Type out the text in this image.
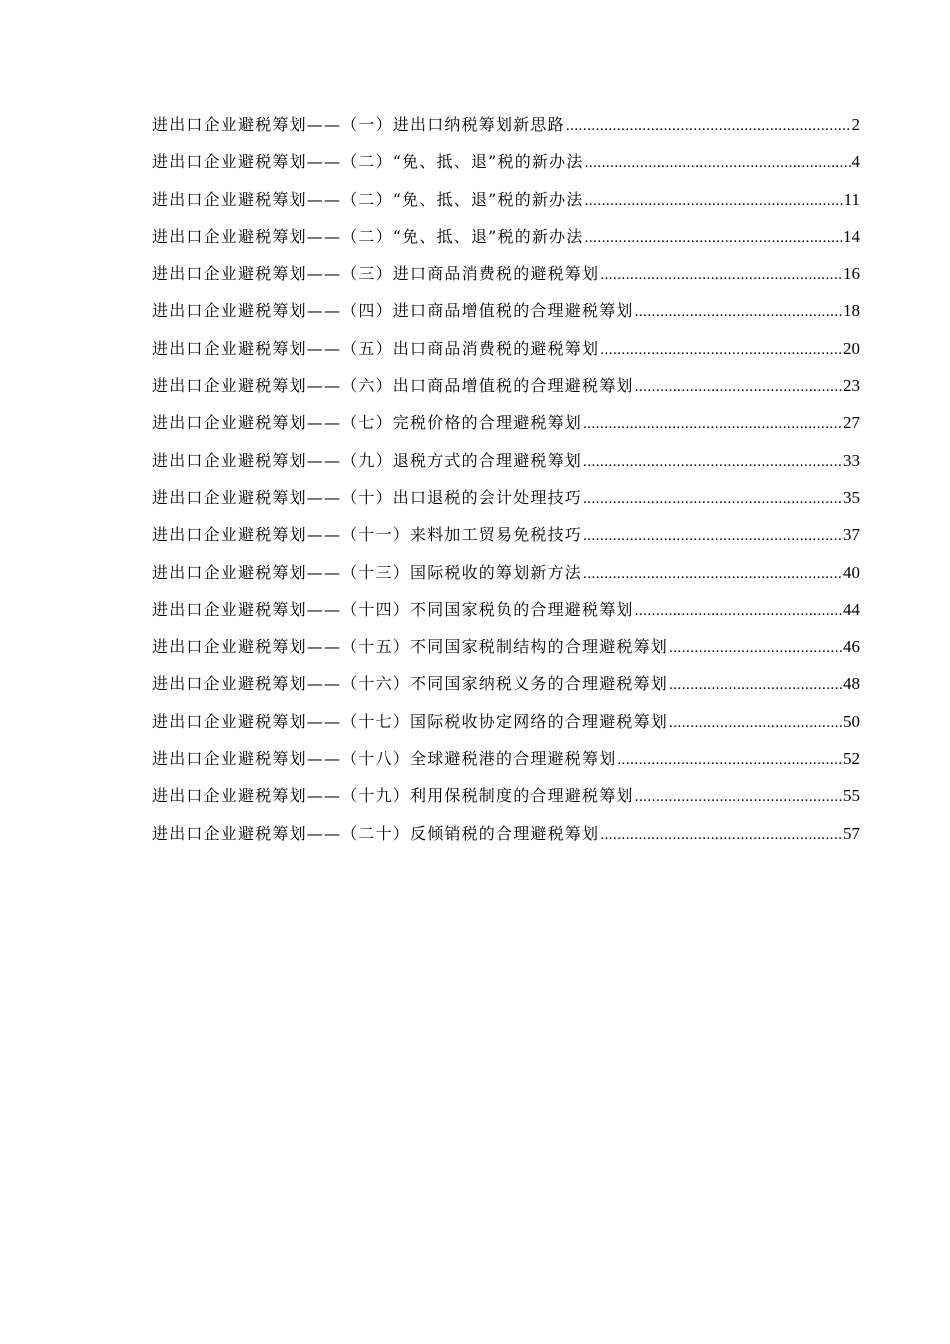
进出口企业避税筹划——（一）进出口纳税筹划新思路 .....	2
进出口企业避税筹划——（二）“免、抵、退”税的新办法 .....	4
进出口企业避税筹划——（二）“免、抵、退”税的新办法 .....	11
进出口企业避税筹划——（二）“免、抵、退”税的新办法 .....	14
进出口企业避税筹划——（三）进口商品消费税的避税筹划 .....	16
进出口企业避税筹划——（四）进口商品增值税的合理避税筹划 .....	18
进出口企业避税筹划——（五）出口商品消费税的避税筹划 .....	20
进出口企业避税筹划——（六）出口商品增值税的合理避税筹划 .....	23
进出口企业避税筹划——（七）完税价格的合理避税筹划 .....	27
进出口企业避税筹划——（九）退税方式的合理避税筹划 .....	33
进出口企业避税筹划——（十）出口退税的会计处理技巧 .....	35
进出口企业避税筹划——（十一）来料加工贸易免税技巧 .....	37
进出口企业避税筹划——（十三）国际税收的筹划新方法 .....	40
进出口企业避税筹划——（十四）不同国家税负的合理避税筹划 .....	44
进出口企业避税筹划——（十五）不同国家税制结构的合理避税筹划 .....	46
进出口企业避税筹划——（十六）不同国家纳税义务的合理避税筹划 .....	48
进出口企业避税筹划——（十七）国际税收协定网络的合理避税筹划 .....	50
进出口企业避税筹划——（十八）全球避税港的合理避税筹划 .....	52
进出口企业避税筹划——（十九）利用保税制度的合理避税筹划 .....	55
进出口企业避税筹划——（二十）反倾销税的合理避税筹划 .....	57
